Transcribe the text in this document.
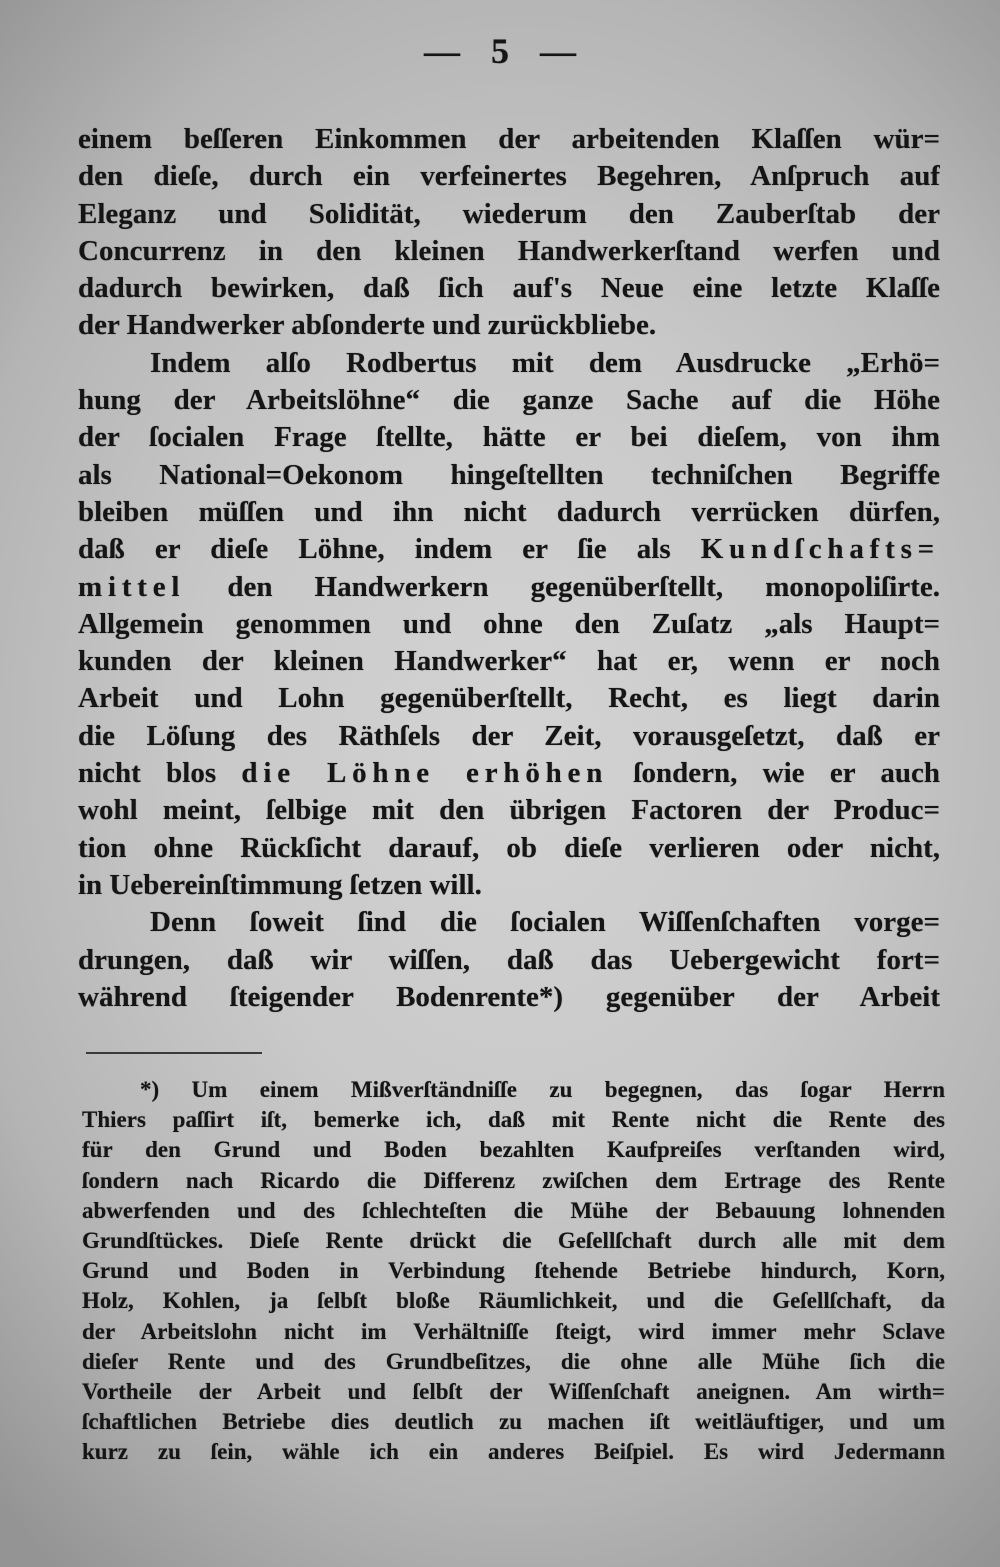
— 5 —
einem beſſeren Einkommen der arbeitenden Klaſſen wür=
den dieſe, durch ein verfeinertes Begehren, Anſpruch auf
Eleganz und Solidität, wiederum den Zauberſtab der
Concurrenz in den kleinen Handwerkerſtand werfen und
dadurch bewirken, daß ſich auf's Neue eine letzte Klaſſe
der Handwerker abſonderte und zurückbliebe.
Indem alſo Rodbertus mit dem Ausdrucke „Erhö=
hung der Arbeitslöhne“ die ganze Sache auf die Höhe
der ſocialen Frage ſtellte, hätte er bei dieſem, von ihm
als National=Oekonom hingeſtellten techniſchen Begriffe
bleiben müſſen und ihn nicht dadurch verrücken dürfen,
daß er dieſe Löhne, indem er ſie als Kundſchafts=
mittel den Handwerkern gegenüberſtellt, monopoliſirte.
Allgemein genommen und ohne den Zuſatz „als Haupt=
kunden der kleinen Handwerker“ hat er, wenn er noch
Arbeit und Lohn gegenüberſtellt, Recht, es liegt darin
die Löſung des Räthſels der Zeit, vorausgeſetzt, daß er
nicht blos die Löhne erhöhen ſondern, wie er auch
wohl meint, ſelbige mit den übrigen Factoren der Produc=
tion ohne Rückſicht darauf, ob dieſe verlieren oder nicht,
in Uebereinſtimmung ſetzen will.
Denn ſoweit ſind die ſocialen Wiſſenſchaften vorge=
drungen, daß wir wiſſen, daß das Uebergewicht fort=
während ſteigender Bodenrente*) gegenüber der Arbeit
*) Um einem Mißverſtändniſſe zu begegnen, das ſogar Herrn
Thiers paſſirt iſt, bemerke ich, daß mit Rente nicht die Rente des
für den Grund und Boden bezahlten Kaufpreiſes verſtanden wird,
ſondern nach Ricardo die Differenz zwiſchen dem Ertrage des Rente
abwerfenden und des ſchlechteſten die Mühe der Bebauung lohnenden
Grundſtückes. Dieſe Rente drückt die Geſellſchaft durch alle mit dem
Grund und Boden in Verbindung ſtehende Betriebe hindurch, Korn,
Holz, Kohlen, ja ſelbſt bloße Räumlichkeit, und die Geſellſchaft, da
der Arbeitslohn nicht im Verhältniſſe ſteigt, wird immer mehr Sclave
dieſer Rente und des Grundbeſitzes, die ohne alle Mühe ſich die
Vortheile der Arbeit und ſelbſt der Wiſſenſchaft aneignen. Am wirth=
ſchaftlichen Betriebe dies deutlich zu machen iſt weitläuftiger, und um
kurz zu ſein, wähle ich ein anderes Beiſpiel. Es wird Jedermann
